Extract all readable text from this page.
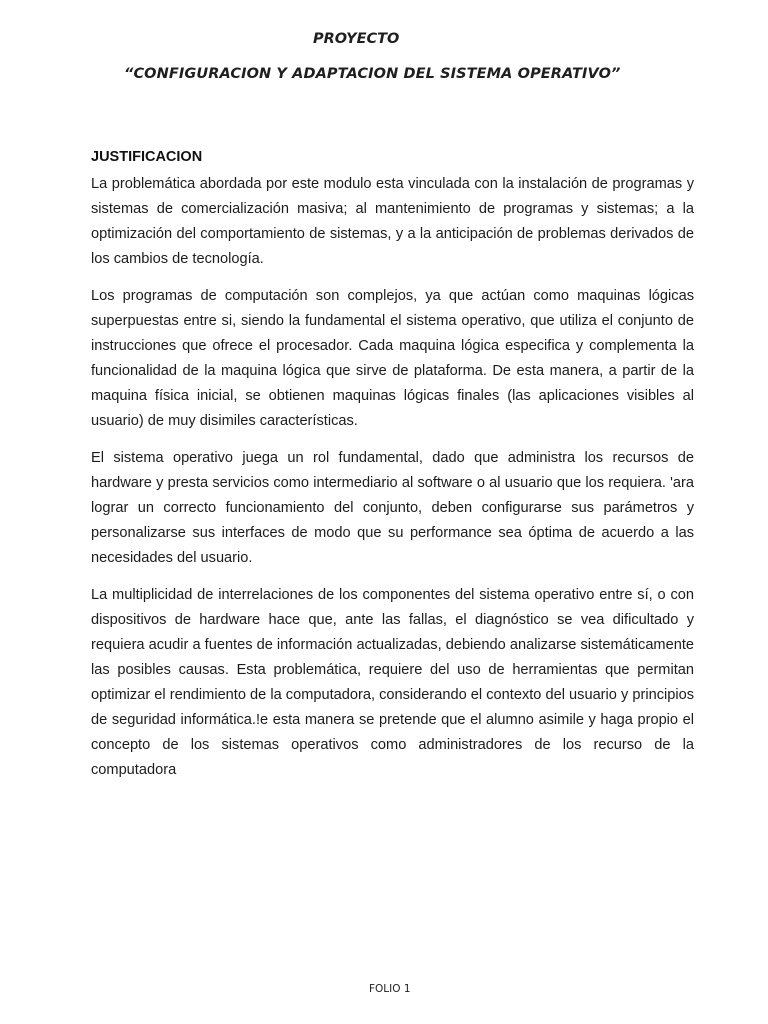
PROYECTO
“CONFIGURACION Y ADAPTACION DEL SISTEMA OPERATIVO”
JUSTIFICACION

La problemática abordada por este modulo esta vinculada con la instalación de programas y sistemas de comercialización masiva; al mantenimiento de programas y sistemas; a la optimización del comportamiento de sistemas, y a la anticipación de problemas derivados de los cambios de tecnología.

Los programas de computación son complejos, ya que actúan como maquinas lógicas superpuestas entre si, siendo la fundamental el sistema operativo, que utiliza el conjunto de instrucciones que ofrece el procesador. Cada maquina lógica especifica y complementa la funcionalidad de la maquina lógica que sirve de plataforma. De esta manera, a partir de la maquina física inicial, se obtienen maquinas lógicas finales (las aplicaciones visibles al usuario) de muy disimiles características.

El sistema operativo juega un rol fundamental, dado que administra los recursos de hardware y presta servicios como intermediario al software o al usuario que los requiera. 'ara lograr un correcto funcionamiento del conjunto, deben configurarse sus parámetros y personalizarse sus interfaces de modo que su performance sea óptima de acuerdo a las necesidades del usuario.

La multiplicidad de interrelaciones de los componentes del sistema operativo entre sí, o con dispositivos de hardware hace que, ante las fallas, el diagnóstico se vea dificultado y requiera acudir a fuentes de información actualizadas, debiendo analizarse sistemáticamente las posibles causas. Esta problemática, requiere del uso de herramientas que permitan optimizar el rendimiento de la computadora, considerando el contexto del usuario y principios de seguridad informática.!e esta manera se pretende que el alumno asimile y haga propio el concepto de los sistemas operativos como administradores de los recurso de la computadora

FOLIO 1
